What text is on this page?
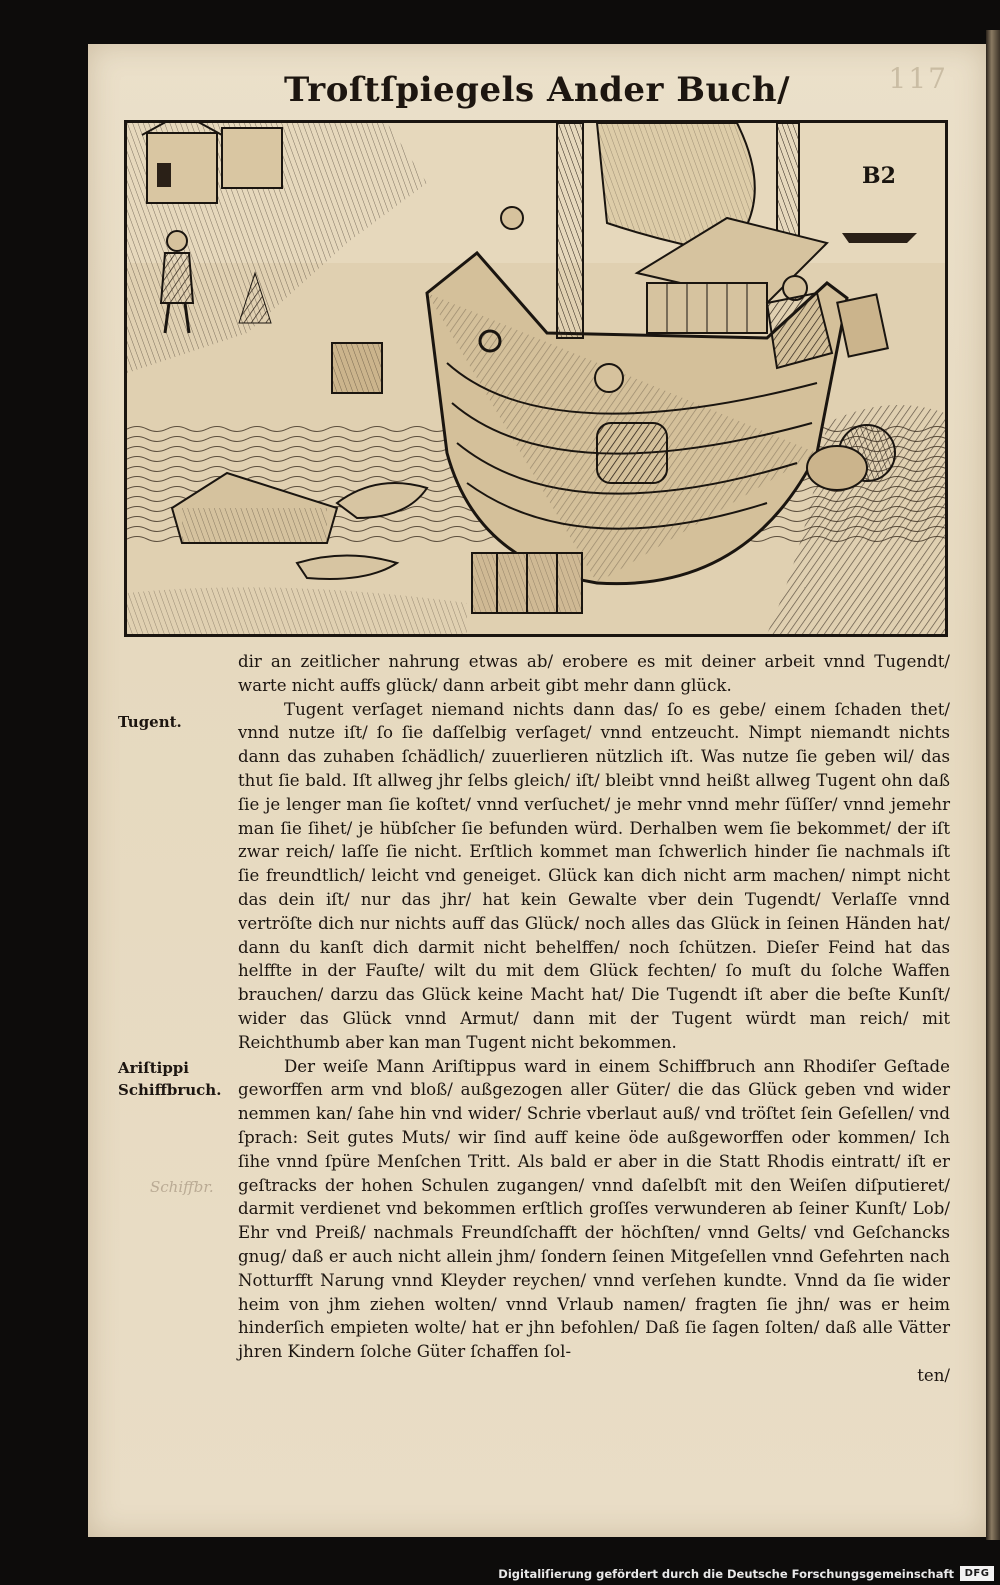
117
Troſtſpiegels Ander Buch/
B2
Tugent.
Ariſtippi
Schiffbruch.
Schiffbr.

dir an zeitlicher nahrung etwas ab/ erobere es mit deiner arbeit vnnd Tugendt/ warte nicht auffs glück/ dann arbeit gibt mehr dann glück.

Tugent verſaget niemand nichts dann das/ ſo es gebe/ einem ſchaden thet/ vnnd nutze iſt/ ſo ſie daſſelbig verſaget/ vnnd entzeucht. Nimpt niemandt nichts dann das zuhaben ſchädlich/ zuuerlieren nützlich iſt. Was nutze ſie geben wil/ das thut ſie bald. Iſt allweg jhr ſelbs gleich/ iſt/ bleibt vnnd heißt allweg Tugent ohn daß ſie je lenger man ſie koſtet/ vnnd verſuchet/ je mehr vnnd mehr ſüſſer/ vnnd jemehr man ſie ſihet/ je hübſcher ſie befunden würd. Derhalben wem ſie bekommet/ der iſt zwar reich/ laſſe ſie nicht. Erſtlich kommet man ſchwerlich hinder ſie nachmals iſt ſie freundtlich/ leicht vnd geneiget. Glück kan dich nicht arm machen/ nimpt nicht das dein iſt/ nur das jhr/ hat kein Gewalte vber dein Tugendt/ Verlaſſe vnnd vertröſte dich nur nichts auff das Glück/ noch alles das Glück in ſeinen Händen hat/ dann du kanſt dich darmit nicht behelffen/ noch ſchützen. Dieſer Feind hat das helffte in der Fauſte/ wilt du mit dem Glück fechten/ ſo muſt du ſolche Waffen brauchen/ darzu das Glück keine Macht hat/ Die Tugendt iſt aber die beſte Kunſt/ wider das Glück vnnd Armut/ dann mit der Tugent würdt man reich/ mit Reichthumb aber kan man Tugent nicht bekommen.

Der weiſe Mann Ariſtippus ward in einem Schiffbruch ann Rhodiſer Geſtade geworffen arm vnd bloß/ außgezogen aller Güter/ die das Glück geben vnd wider nemmen kan/ ſahe hin vnd wider/ Schrie vberlaut auß/ vnd tröſtet ſein Geſellen/ vnd ſprach: Seit gutes Muts/ wir ſind auff keine öde außgeworffen oder kommen/ Ich ſihe vnnd ſpüre Menſchen Tritt. Als bald er aber in die Statt Rhodis eintratt/ iſt er geſtracks der hohen Schulen zugangen/ vnnd daſelbſt mit den Weiſen diſputieret/ darmit verdienet vnd bekommen erſtlich groſſes verwunderen ab ſeiner Kunſt/ Lob/ Ehr vnd Preiß/ nachmals Freundſchafft der höchſten/ vnnd Gelts/ vnd Geſchancks gnug/ daß er auch nicht allein jhm/ ſondern ſeinen Mitgeſellen vnnd Gefehrten nach Notturfft Narung vnnd Kleyder reychen/ vnnd verſehen kundte. Vnnd da ſie wider heim von jhm ziehen wolten/ vnnd Vrlaub namen/ fragten ſie jhn/ was er heim hinderſich empieten wolte/ hat er jhn befohlen/ Daß ſie ſagen ſolten/ daß alle Vätter jhren Kindern ſolche Güter ſchaffen ſol-

ten/

Digitaliſierung gefördert durch die Deutsche Forschungsgemeinschaft	DFG
